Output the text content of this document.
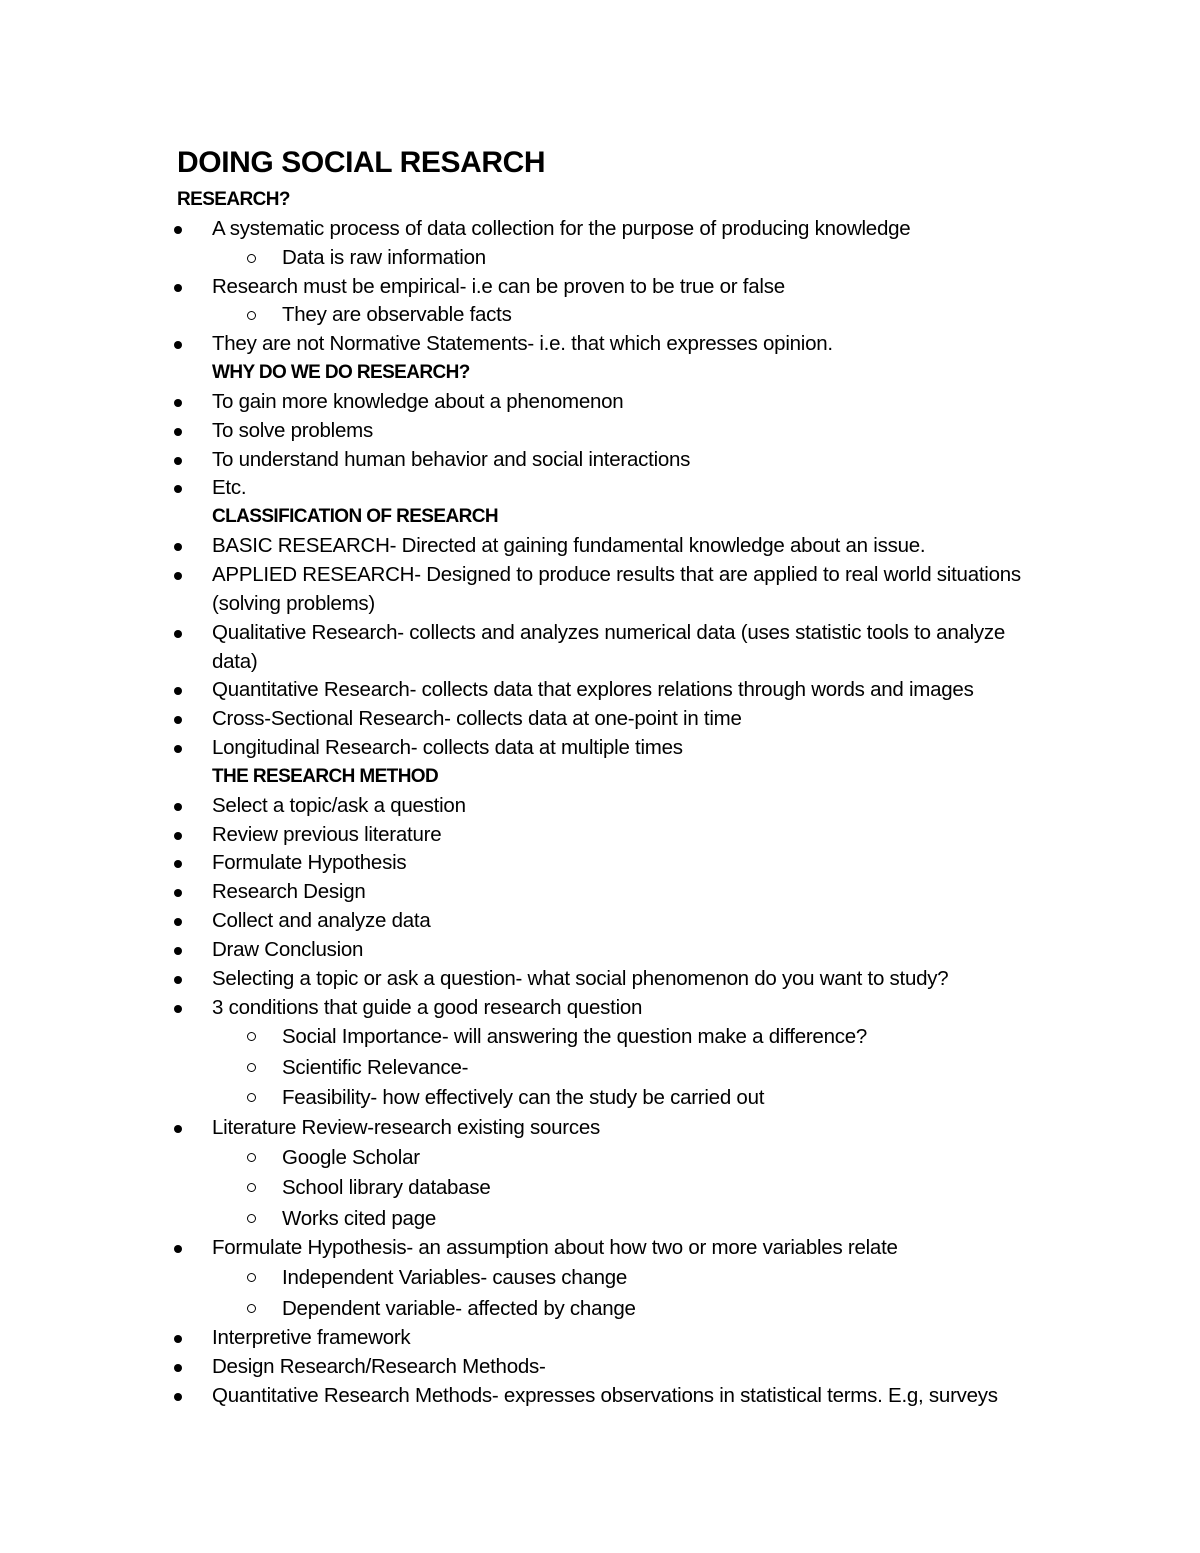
DOING SOCIAL RESARCH
RESEARCH?
A systematic process of data collection for the purpose of producing knowledge
Data is raw information
Research must be empirical- i.e can be proven to be true or false
They are observable facts
They are not Normative Statements- i.e. that which expresses opinion.
WHY DO WE DO RESEARCH?
To gain more knowledge about a phenomenon
To solve problems
To understand human behavior and social interactions
Etc.
CLASSIFICATION OF RESEARCH
BASIC RESEARCH- Directed at gaining fundamental knowledge about an issue.
APPLIED RESEARCH- Designed to produce results that are applied to real world situations
(solving problems)
Qualitative Research- collects and analyzes numerical data (uses statistic tools to analyze
data)
Quantitative Research- collects data that explores relations through words and images
Cross-Sectional Research- collects data at one-point in time
Longitudinal Research- collects data at multiple times
THE RESEARCH METHOD
Select a topic/ask a question
Review previous literature
Formulate Hypothesis
Research Design
Collect and analyze data
Draw Conclusion
Selecting a topic or ask a question- what social phenomenon do you want to study?
3 conditions that guide a good research question
Social Importance- will answering the question make a difference?
Scientific Relevance-
Feasibility- how effectively can the study be carried out
Literature Review-research existing sources
Google Scholar
School library database
Works cited page
Formulate Hypothesis- an assumption about how two or more variables relate
Independent Variables- causes change
Dependent variable- affected by change
Interpretive framework
Design Research/Research Methods-
Quantitative Research Methods- expresses observations in statistical terms. E.g, surveys
